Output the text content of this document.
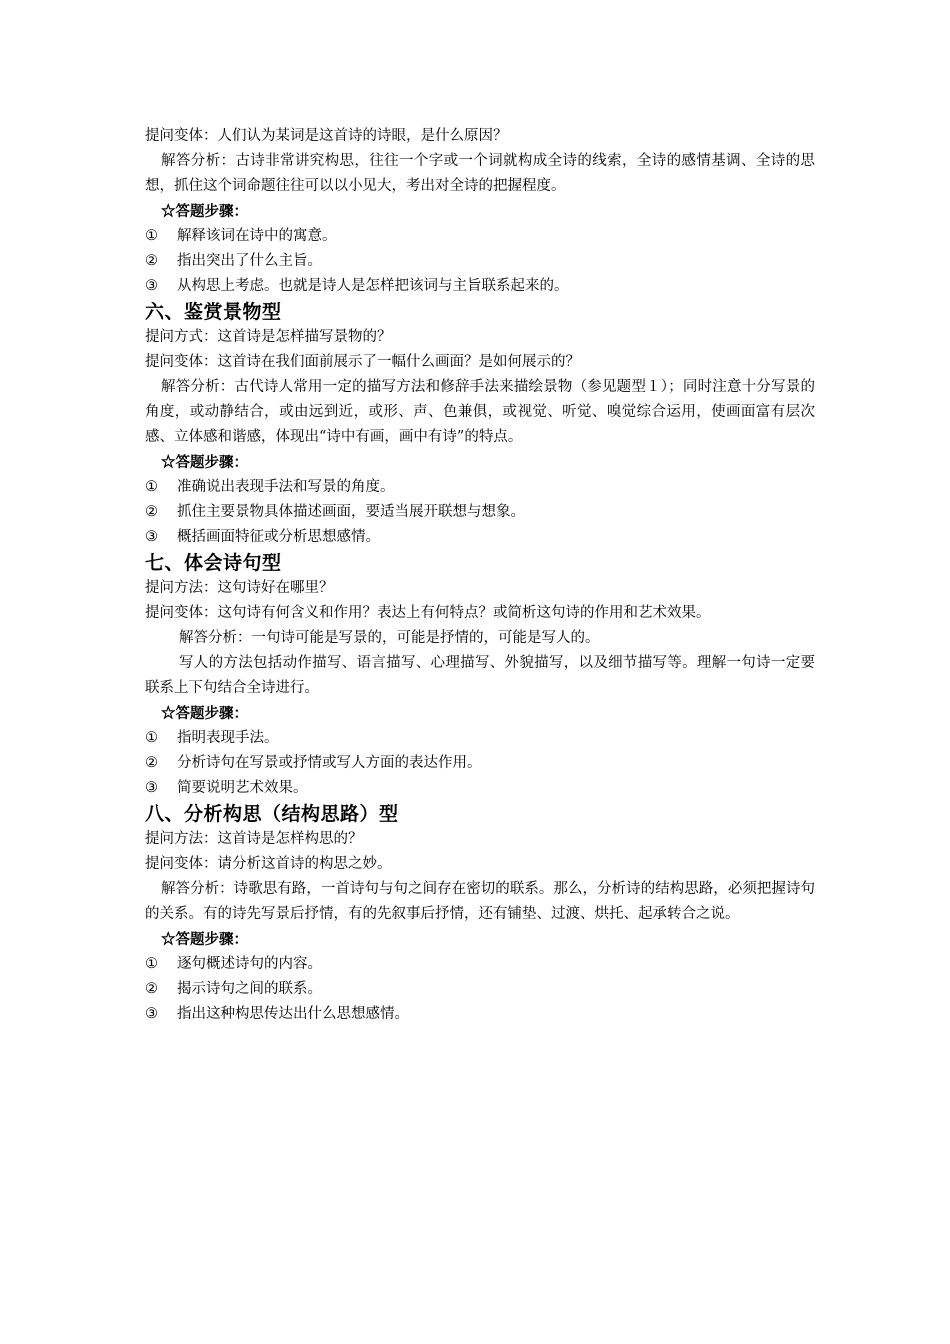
提问变体：人们认为某词是这首诗的诗眼，是什么原因？

解答分析：古诗非常讲究构思，往往一个字或一个词就构成全诗的线索，全诗的感情基调、全诗的思想，抓住这个词命题往往可以以小见大，考出对全诗的把握程度。

☆答题步骤：

①	解释该词在诗中的寓意。
②	指出突出了什么主旨。
③	从构思上考虑。也就是诗人是怎样把该词与主旨联系起来的。
六、鉴赏景物型

提问方式：这首诗是怎样描写景物的？

提问变体：这首诗在我们面前展示了一幅什么画面？是如何展示的？

解答分析：古代诗人常用一定的描写方法和修辞手法来描绘景物（参见题型１）；同时注意十分写景的角度，或动静结合，或由远到近，或形、声、色兼俱，或视觉、听觉、嗅觉综合运用，使画面富有层次感、立体感和谐感，体现出“诗中有画，画中有诗”的特点。

☆答题步骤：

①	准确说出表现手法和写景的角度。
②	抓住主要景物具体描述画面，要适当展开联想与想象。
③	概括画面特征或分析思想感情。
七、体会诗句型

提问方法：这句诗好在哪里？

提问变体：这句诗有何含义和作用？表达上有何特点？或简析这句诗的作用和艺术效果。

解答分析：一句诗可能是写景的，可能是抒情的，可能是写人的。

写人的方法包括动作描写、语言描写、心理描写、外貌描写，以及细节描写等。理解一句诗一定要联系上下句结合全诗进行。

☆答题步骤：

①	指明表现手法。
②	分析诗句在写景或抒情或写人方面的表达作用。
③	简要说明艺术效果。
八、分析构思（结构思路）型

提问方法：这首诗是怎样构思的？

提问变体：请分析这首诗的构思之妙。

解答分析：诗歌思有路，一首诗句与句之间存在密切的联系。那么，分析诗的结构思路，必须把握诗句的关系。有的诗先写景后抒情，有的先叙事后抒情，还有铺垫、过渡、烘托、起承转合之说。

☆答题步骤：

①	逐句概述诗句的内容。
②	揭示诗句之间的联系。
③	指出这种构思传达出什么思想感情。
